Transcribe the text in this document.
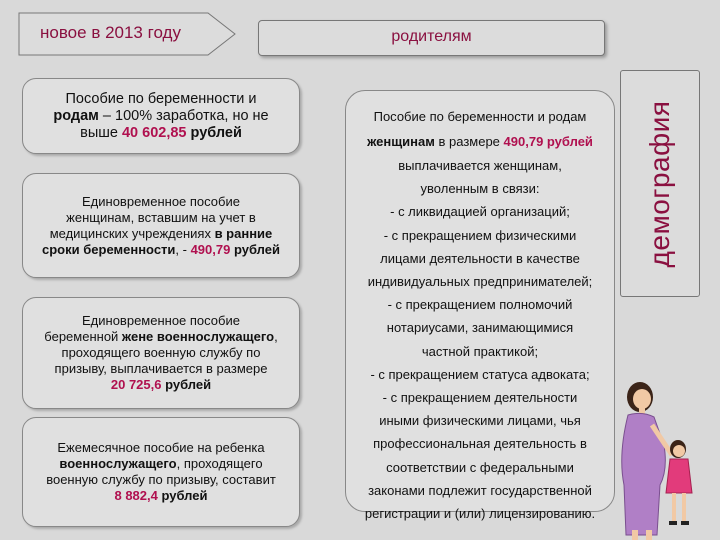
новое в 2013 году	родителям
демография
Пособие по беременности и
родам – 100% заработка, но не
выше 40 602,85 рублей
Единовременное пособие
женщинам, вставшим на учет в
медицинских учреждениях в ранние
сроки беременности, - 490,79 рублей
Единовременное пособие
беременной жене военнослужащего,
проходящего военную службу по
призыву, выплачивается в размере
20 725,6 рублей
Ежемесячное пособие на ребенка
военнослужащего, проходящего
военную службу по призыву, составит
8 882,4 рублей
Пособие по беременности и родам
женщинам в размере 490,79 рублей
выплачивается женщинам,
уволенным в связи:
- с ликвидацией организаций;
- с прекращением физическими
лицами деятельности в качестве
индивидуальных предпринимателей;
- с прекращением полномочий
нотариусами, занимающимися
частной практикой;
- с прекращением статуса адвоката;
- с прекращением деятельности
иными физическими лицами, чья
профессиональная деятельность в
соответствии с федеральными
законами подлежит государственной
регистрации и (или) лицензированию.
